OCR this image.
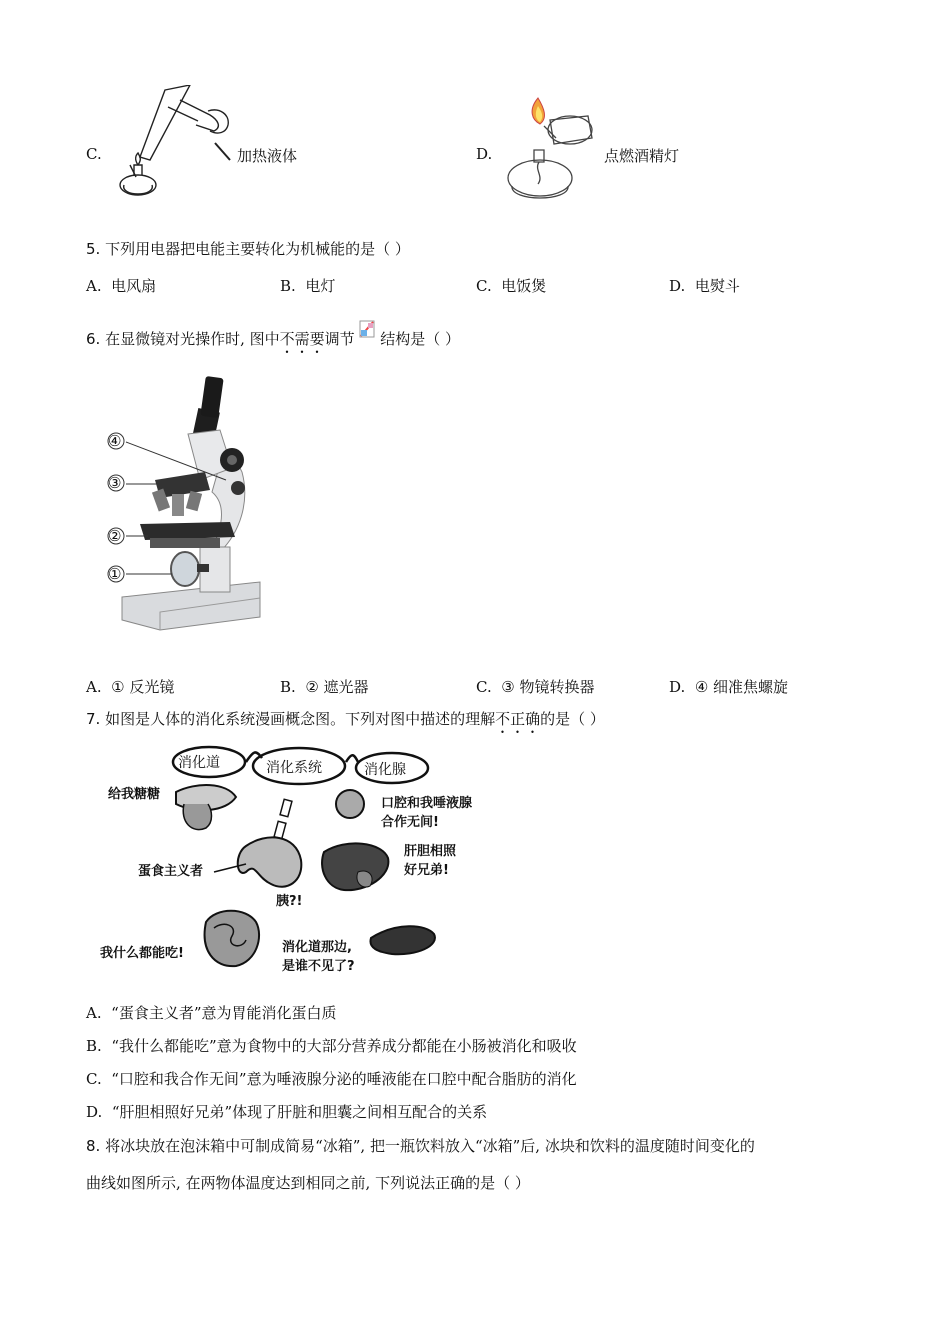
C.	加热液体	D.	点燃酒精灯
5. 下列用电器把电能主要转化为机械能的是（ ）
A. 电风扇	B. 电灯	C. 电饭煲	D. 电熨斗
6. 在显微镜对光操作时, 图中不需要调节 结构是（ ）
④
③
②
①
A. ① 反光镜	B. ② 遮光器	C. ③ 物镜转换器	D. ④ 细准焦螺旋
7. 如图是人体的消化系统漫画概念图。下列对图中描述的理解不正确的是（ ）
消化道	消化系统	消化腺
给我糖糖
口腔和我唾液腺
合作无间!
蛋食主义者
肝胆相照
好兄弟!
胰?!
我什么都能吃!	消化道那边,
是谁不见了?
A. “蛋食主义者”意为胃能消化蛋白质
B. “我什么都能吃”意为食物中的大部分营养成分都能在小肠被消化和吸收
C. “口腔和我合作无间”意为唾液腺分泌的唾液能在口腔中配合脂肪的消化
D. “肝胆相照好兄弟”体现了肝脏和胆囊之间相互配合的关系
8. 将冰块放在泡沫箱中可制成简易“冰箱”, 把一瓶饮料放入“冰箱”后, 冰块和饮料的温度随时间变化的
曲线如图所示, 在两物体温度达到相同之前, 下列说法正确的是（ ）
